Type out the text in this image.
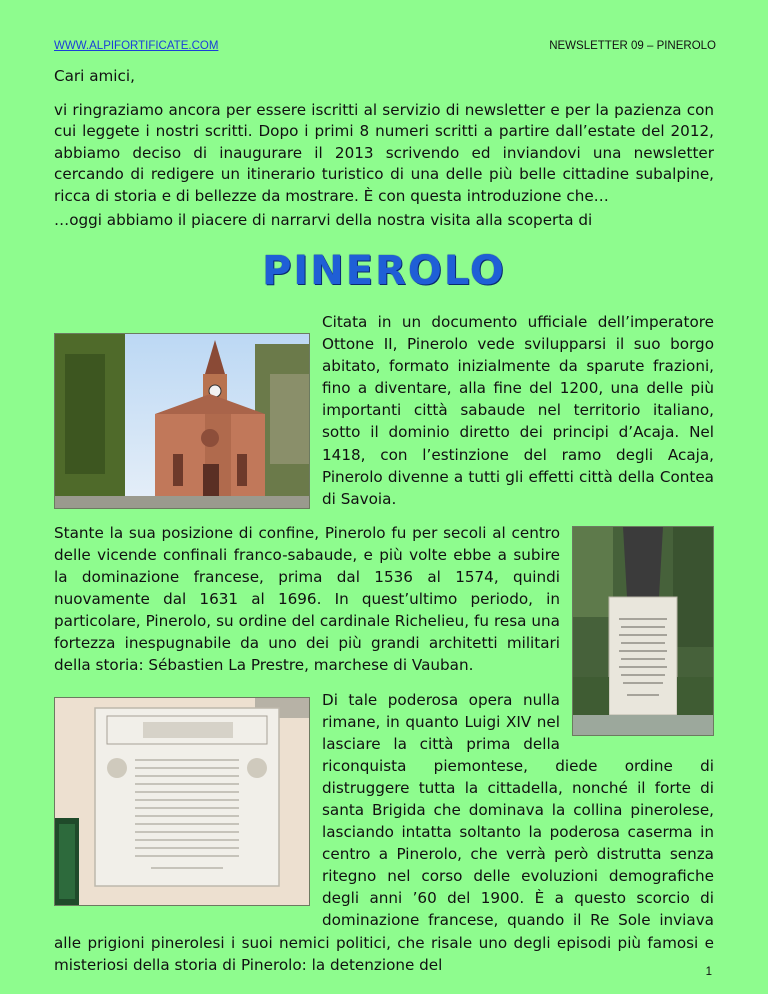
WWW.ALPIFORTIFICATE.COM	NEWSLETTER 09 – PINEROLO

Cari amici,

vi ringraziamo ancora per essere iscritti al servizio di newsletter e per la pazienza con cui leggete i nostri scritti. Dopo i primi 8 numeri scritti a partire dall’estate del 2012, abbiamo deciso di inaugurare il 2013 scrivendo ed inviandovi una newsletter cercando di redigere un itinerario turistico di una delle più belle cittadine subalpine, ricca di storia e di bellezze da mostrare. È con questa introduzione che…

…oggi abbiamo il piacere di narrarvi della nostra visita alla scoperta di

PINEROLO

Citata in un documento ufficiale dell’imperatore Ottone II, Pinerolo vede svilupparsi il suo borgo abitato, formato inizialmente da sparute frazioni, fino a diventare, alla fine del 1200, una delle più importanti città sabaude nel territorio italiano, sotto il dominio diretto dei principi d’Acaja. Nel 1418, con l’estinzione del ramo degli Acaja, Pinerolo divenne a tutti gli effetti città della Contea di Savoia.

Stante la sua posizione di confine, Pinerolo fu per secoli al centro delle vicende confinali franco-sabaude, e più volte ebbe a subire la dominazione francese, prima dal 1536 al 1574, quindi nuovamente dal 1631 al 1696. In quest’ultimo periodo, in particolare, Pinerolo, su ordine del cardinale Richelieu, fu resa una fortezza inespugnabile da uno dei più grandi architetti militari della storia: Sébastien La Prestre, marchese di Vauban.

Di tale poderosa opera nulla rimane, in quanto Luigi XIV nel lasciare la città prima della riconquista piemontese, diede ordine di distruggere tutta la cittadella, nonché il forte di santa Brigida che dominava la collina pinerolese, lasciando intatta soltanto la poderosa caserma in centro a Pinerolo, che verrà però distrutta senza ritegno nel corso delle evoluzioni demografiche degli anni ’60 del 1900. È a questo scorcio di dominazione francese, quando il Re Sole inviava alle prigioni pinerolesi i suoi nemici politici, che risale uno degli episodi più famosi e misteriosi della storia di Pinerolo: la detenzione del	1
